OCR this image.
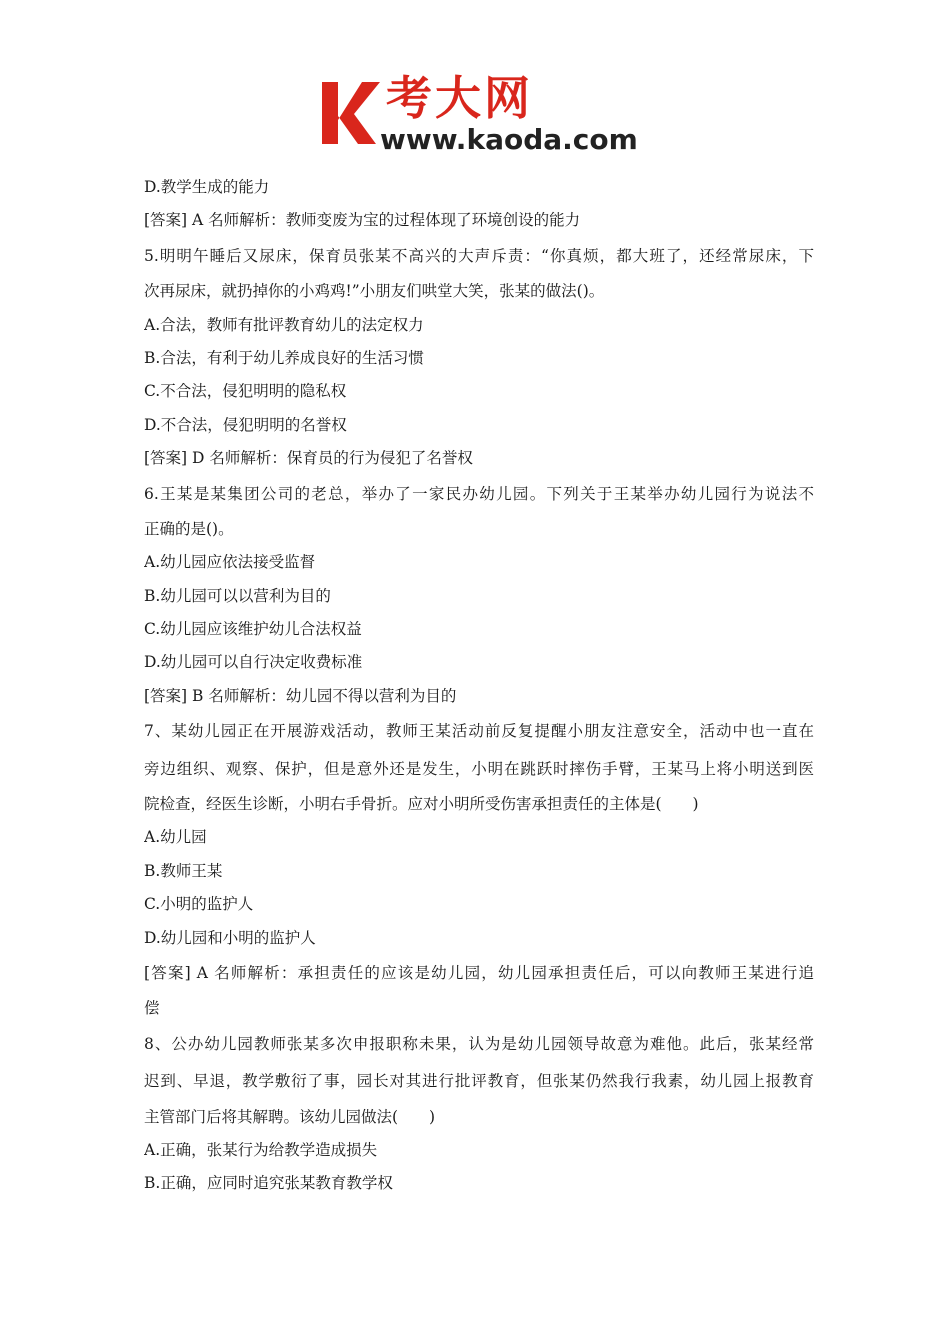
考大网
www.kaoda.com
D.教学生成的能力
[答案] A 名师解析：教师变废为宝的过程体现了环境创设的能力
5.明明午睡后又尿床，保育员张某不高兴的大声斥责：“你真烦，都大班了，还经常尿床，下
次再尿床，就扔掉你的小鸡鸡!”小朋友们哄堂大笑，张某的做法()。
A.合法，教师有批评教育幼儿的法定权力
B.合法，有利于幼儿养成良好的生活习惯
C.不合法，侵犯明明的隐私权
D.不合法，侵犯明明的名誉权
[答案] D 名师解析：保育员的行为侵犯了名誉权
6.王某是某集团公司的老总，举办了一家民办幼儿园。下列关于王某举办幼儿园行为说法不
正确的是()。
A.幼儿园应依法接受监督
B.幼儿园可以以营利为目的
C.幼儿园应该维护幼儿合法权益
D.幼儿园可以自行决定收费标准
[答案] B 名师解析：幼儿园不得以营利为目的
7、某幼儿园正在开展游戏活动，教师王某活动前反复提醒小朋友注意安全，活动中也一直在
旁边组织、观察、保护，但是意外还是发生，小明在跳跃时摔伤手臂，王某马上将小明送到医
院检查，经医生诊断，小明右手骨折。应对小明所受伤害承担责任的主体是(　　)
A.幼儿园
B.教师王某
C.小明的监护人
D.幼儿园和小明的监护人
[答案] A 名师解析：承担责任的应该是幼儿园，幼儿园承担责任后，可以向教师王某进行追
偿
8、公办幼儿园教师张某多次申报职称未果，认为是幼儿园领导故意为难他。此后，张某经常
迟到、早退，教学敷衍了事，园长对其进行批评教育，但张某仍然我行我素，幼儿园上报教育
主管部门后将其解聘。该幼儿园做法(　　)
A.正确，张某行为给教学造成损失
B.正确，应同时追究张某教育教学权
